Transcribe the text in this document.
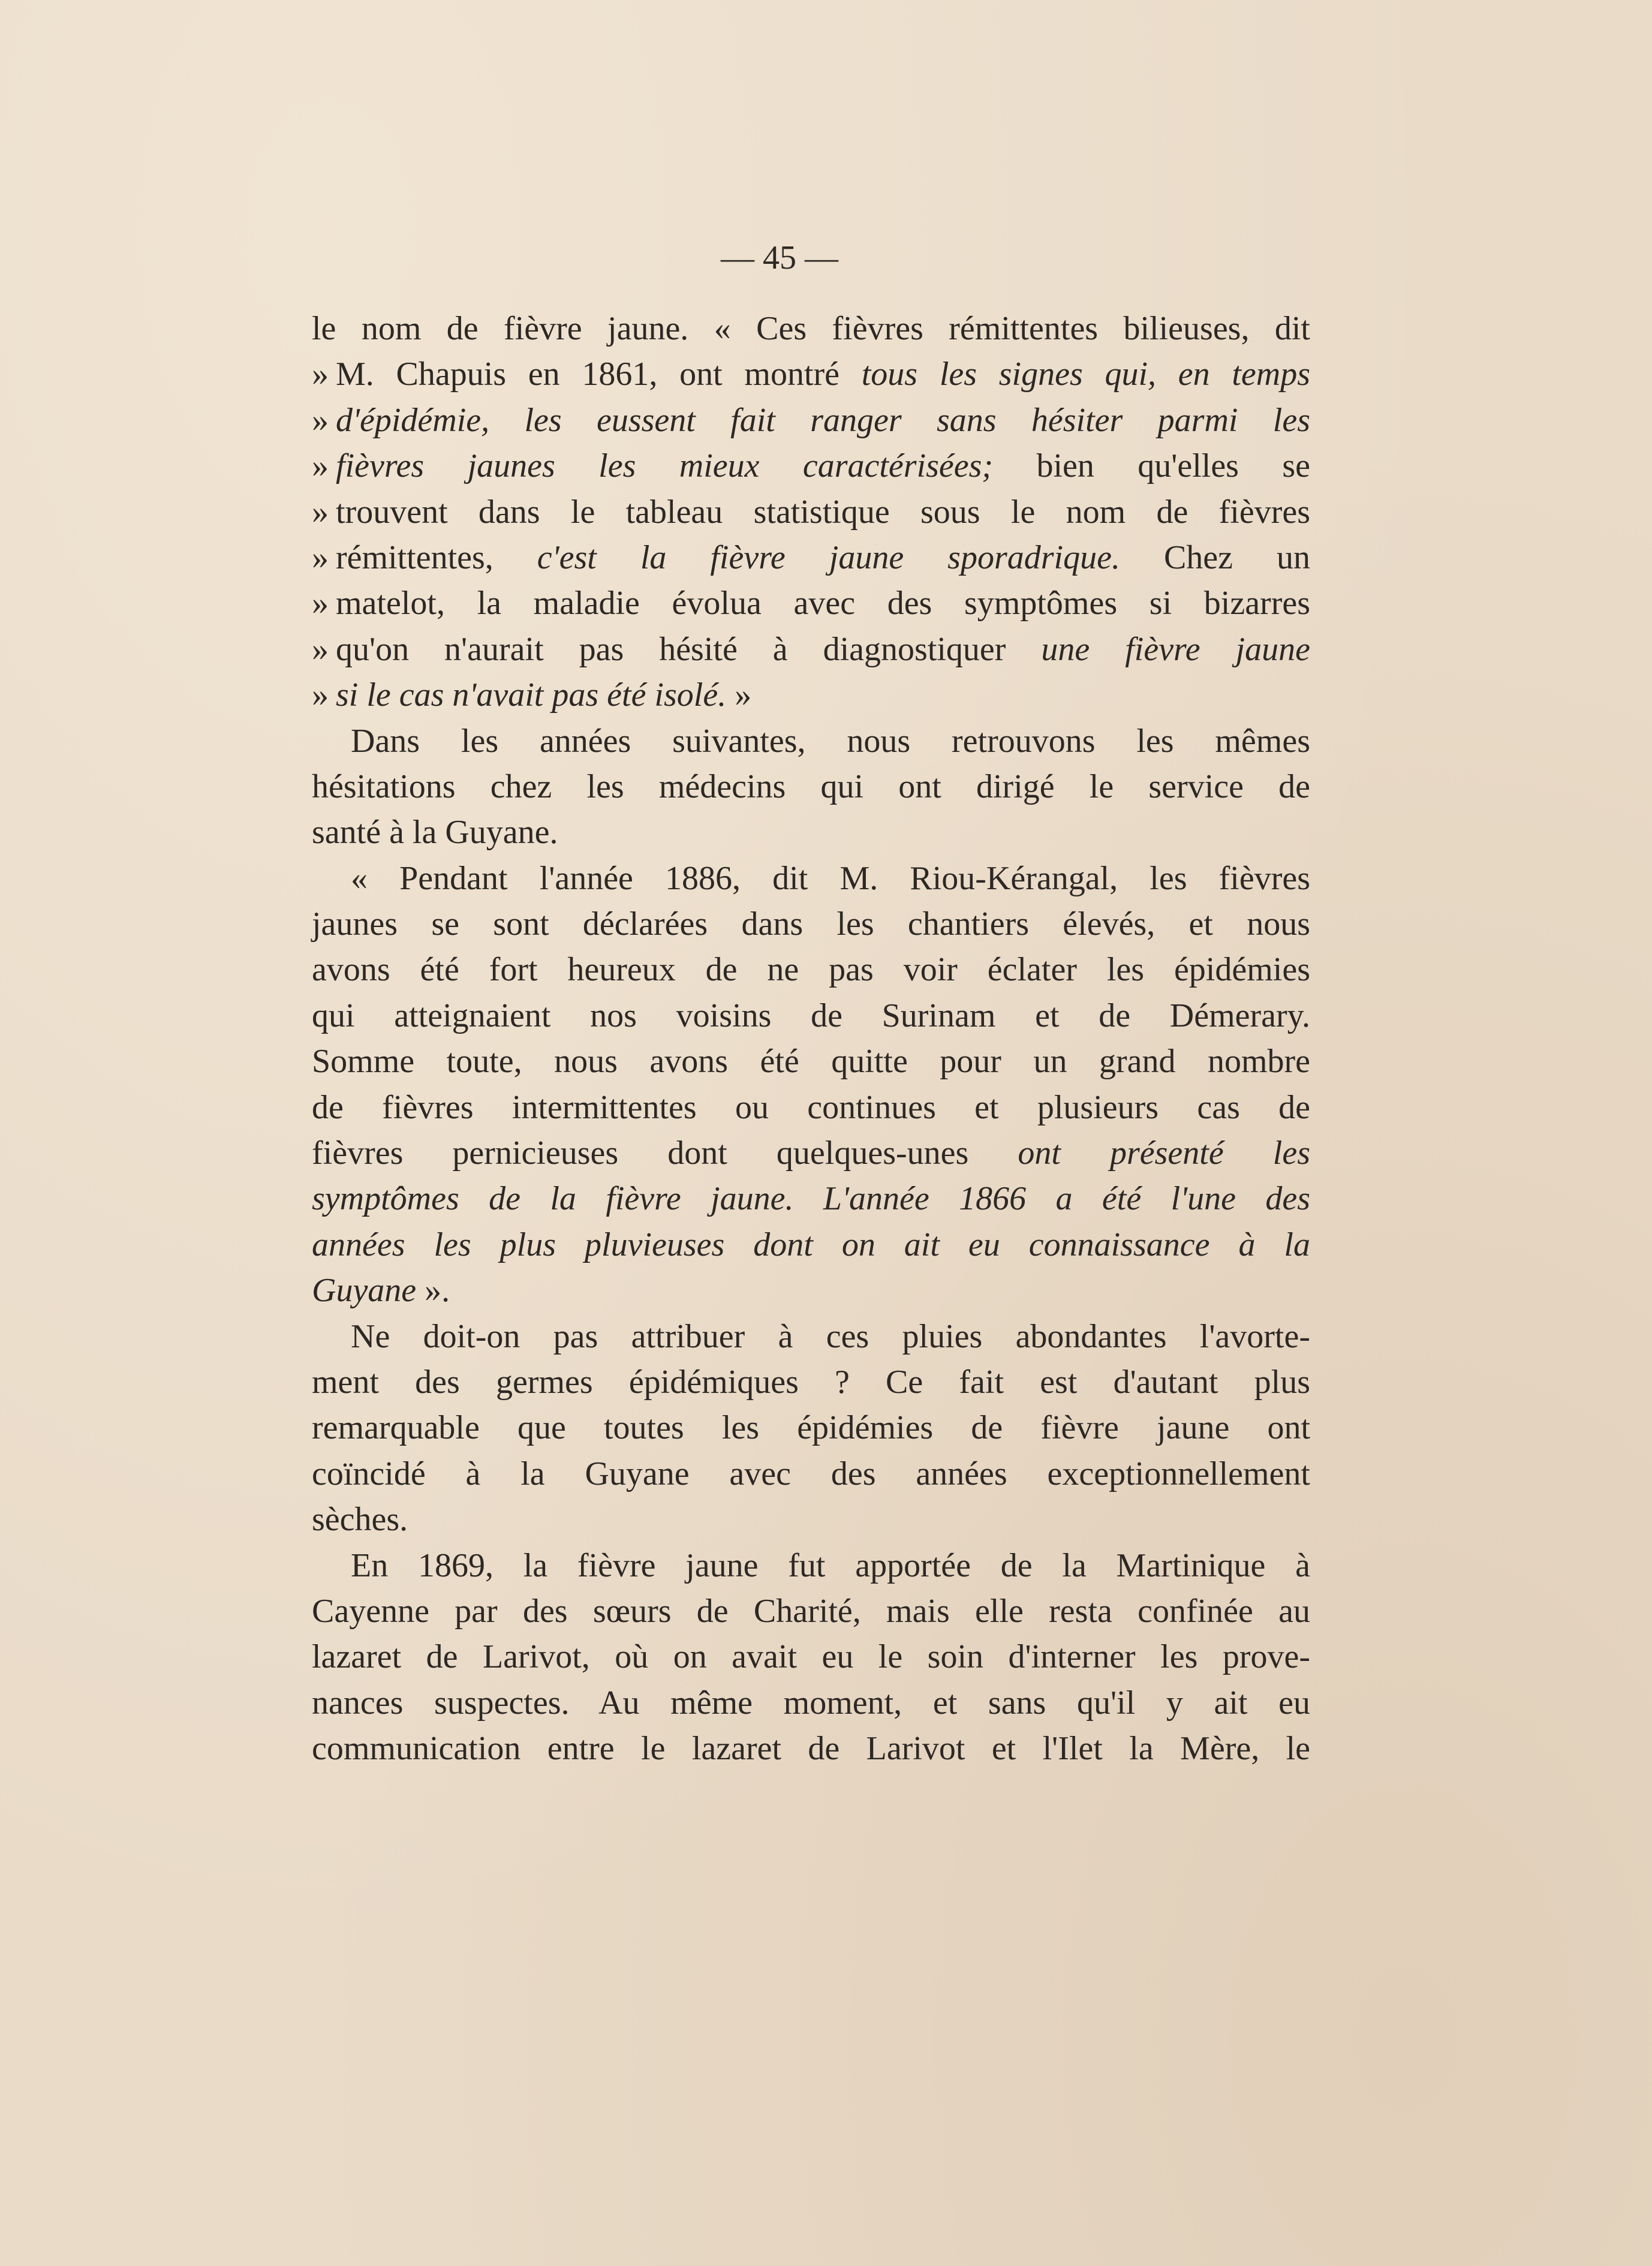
— 45 —
le nom de fièvre jaune. « Ces fièvres rémittentes bilieuses, dit
» M. Chapuis en 1861, ont montré tous les signes qui, en temps
» d'épidémie, les eussent fait ranger sans hésiter parmi les
» fièvres jaunes les mieux caractérisées; bien qu'elles se
» trouvent dans le tableau statistique sous le nom de fièvres
» rémittentes, c'est la fièvre jaune sporadrique. Chez un
» matelot, la maladie évolua avec des symptômes si bizarres
» qu'on n'aurait pas hésité à diagnostiquer une fièvre jaune
» si le cas n'avait pas été isolé. »
Dans les années suivantes, nous retrouvons les mêmes
hésitations chez les médecins qui ont dirigé le service de
santé à la Guyane.
« Pendant l'année 1886, dit M. Riou-Kérangal, les fièvres
jaunes se sont déclarées dans les chantiers élevés, et nous
avons été fort heureux de ne pas voir éclater les épidémies
qui atteignaient nos voisins de Surinam et de Démerary.
Somme toute, nous avons été quitte pour un grand nombre
de fièvres intermittentes ou continues et plusieurs cas de
fièvres pernicieuses dont quelques-unes ont présenté les
symptômes de la fièvre jaune. L'année 1866 a été l'une des
années les plus pluvieuses dont on ait eu connaissance à la
Guyane ».
Ne doit-on pas attribuer à ces pluies abondantes l'avorte-
ment des germes épidémiques ? Ce fait est d'autant plus
remarquable que toutes les épidémies de fièvre jaune ont
coïncidé à la Guyane avec des années exceptionnellement
sèches.
En 1869, la fièvre jaune fut apportée de la Martinique à
Cayenne par des sœurs de Charité, mais elle resta confinée au
lazaret de Larivot, où on avait eu le soin d'interner les prove-
nances suspectes. Au même moment, et sans qu'il y ait eu
communication entre le lazaret de Larivot et l'Ilet la Mère, le
